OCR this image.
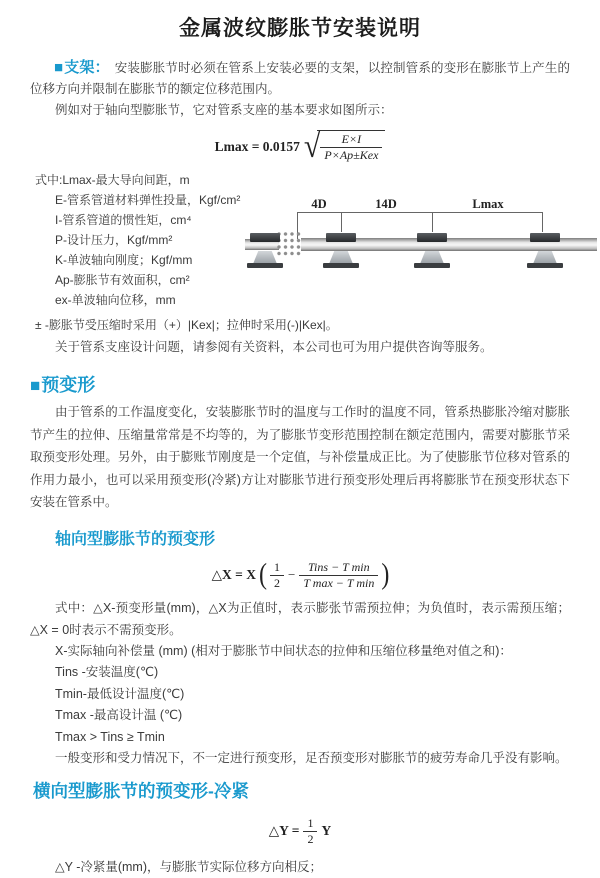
金属波纹膨胀节安装说明

■支架： 安装膨胀节时必须在管系上安装必要的支架，以控制管系的变形在膨胀节上产生的位移方向并限制在膨胀节的额定位移范围内。

例如对于轴向型膨胀节，它对管系支座的基本要求如图所示：

Lmax = 0.0157 √ $\frac{E\times I}{\text{P×Ap±Kex}}$

式中:Lmax-最大导向间距，m

E-管系管道材料弹性投量，Kgf/cm²

I-管系管道的惯性矩，cm⁴

P-设计压力，Kgf/mm²

K-单波轴向刚度；Kgf/mm

Ap-膨胀节有效面积，cm²

ex-单波轴向位移，mm

4D	14D	Lmax

± -膨胀节受压缩时采用（+）|Kex|；拉伸时采用(-)|Kex|。

关于管系支座设计问题，请参阅有关资料，本公司也可为用户提供咨询等服务。

■预变形

由于管系的工作温度变化，安装膨胀节时的温度与工作时的温度不同，管系热膨胀冷缩对膨胀节产生的拉伸、压缩量常常是不均等的，为了膨胀节变形范围控制在额定范围内，需要对膨胀节采取预变形处理。另外，由于膨账节刚度是一个定值，与补偿量成正比。为了使膨胀节位移对管系的作用力最小，也可以采用预变形(冷紧)方让对膨胀节进行预变形处理后再将膨胀节在预变形状态下安装在管系中。

轴向型膨胀节的预变形
△X = X ( $\frac{1}{2} - \frac{\text{Tins − T min}}{\text{T max − T min}}$ )

式中：△X-预变形量(mm)，△X为正值时，表示膨张节需预拉伸；为负值时，表示需预压缩；△X = 0时表示不需预变形。

X-实际轴向补偿量 (mm) (相对于膨胀节中间状态的拉伸和压缩位移量绝对值之和)：

Tins -安装温度(℃)

Tmin-最低设计温度(℃)

Tmax -最高设计温 (℃)

Tmax > Tins ≥ Tmin

一般变形和受力情况下，不一定进行预变形，足否预变形对膨胀节的疲劳寿命几乎没有影响。

横向型膨胀节的预变形-冷紧
△Y = $\frac{1}{2}$ Y

△Y -冷紧量(mm)，与膨胀节实际位移方向相反；
